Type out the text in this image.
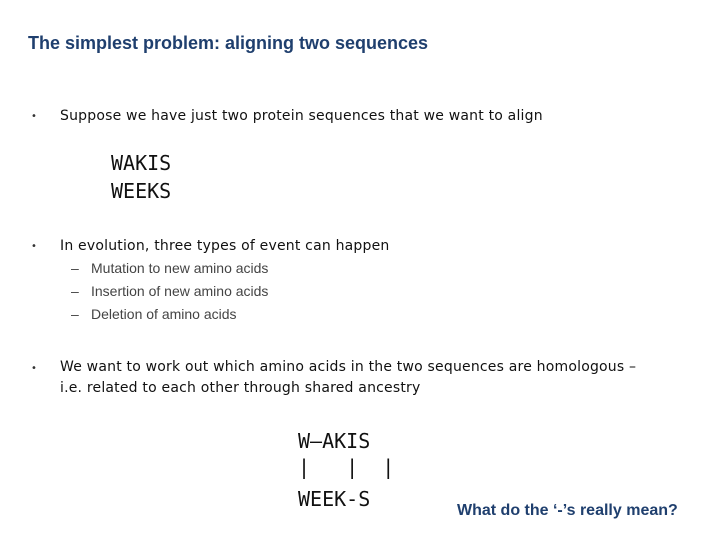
The simplest problem: aligning two sequences
• Suppose we have just two protein sequences that we want to align
WAKIS
WEEKS
• In evolution, three types of event can happen
– Mutation to new amino acids
– Insertion of new amino acids
– Deletion of amino acids
• We want to work out which amino acids in the two sequences are homologous –
i.e. related to each other through shared ancestry
W—AKIS
|   |  |
WEEK-S	What do the ‘-’s really mean?
